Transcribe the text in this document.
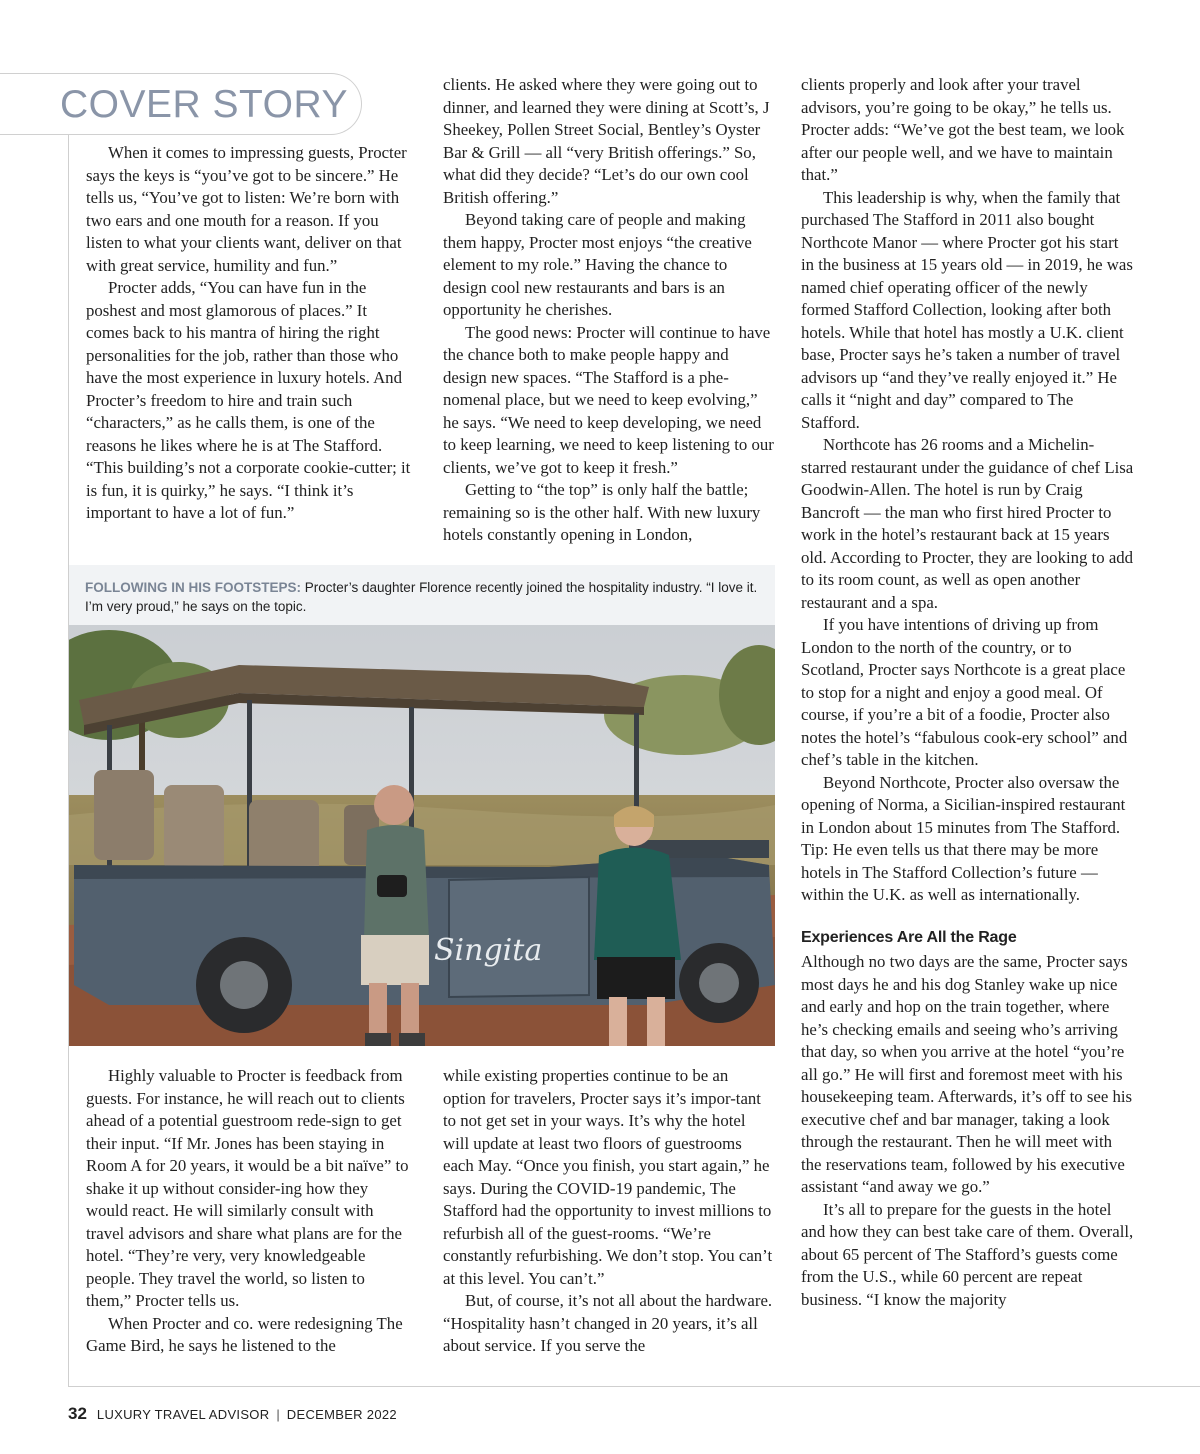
COVER STORY

When it comes to impressing guests, Procter says the keys is “you’ve got to be sincere.” He tells us, “You’ve got to listen: We’re born with two ears and one mouth for a reason. If you listen to what your clients want, deliver on that with great service, humility and fun.”

Procter adds, “You can have fun in the poshest and most glamorous of places.” It comes back to his mantra of hiring the right personalities for the job, rather than those who have the most experience in luxury hotels. And Procter’s freedom to hire and train such “characters,” as he calls them, is one of the reasons he likes where he is at The Stafford. “This building’s not a corporate cookie-cutter; it is fun, it is quirky,” he says. “I think it’s important to have a lot of fun.”

clients. He asked where they were going out to dinner, and learned they were dining at Scott’s, J Sheekey, Pollen Street Social, Bentley’s Oyster Bar & Grill — all “very British offerings.” So, what did they decide? “Let’s do our own cool British offering.”

Beyond taking care of people and making them happy, Procter most enjoys “the creative element to my role.” Having the chance to design cool new restaurants and bars is an opportunity he cherishes.

The good news: Procter will continue to have the chance both to make people happy and design new spaces. “The Stafford is a phe-nomenal place, but we need to keep evolving,” he says. “We need to keep developing, we need to keep learning, we need to keep listening to our clients, we’ve got to keep it fresh.”

Getting to “the top” is only half the battle; remaining so is the other half. With new luxury hotels constantly opening in London,

FOLLOWING IN HIS FOOTSTEPS: Procter’s daughter Florence recently joined the hospitality industry. “I love it. I’m very proud,” he says on the topic.
Singita

Highly valuable to Procter is feedback from guests. For instance, he will reach out to clients ahead of a potential guestroom rede-sign to get their input. “If Mr. Jones has been staying in Room A for 20 years, it would be a bit naïve” to shake it up without consider-ing how they would react. He will similarly consult with travel advisors and share what plans are for the hotel. “They’re very, very knowledgeable people. They travel the world, so listen to them,” Procter tells us.

When Procter and co. were redesigning The Game Bird, he says he listened to the

while existing properties continue to be an option for travelers, Procter says it’s impor-tant to not get set in your ways. It’s why the hotel will update at least two floors of guestrooms each May. “Once you finish, you start again,” he says. During the COVID-19 pandemic, The Stafford had the opportunity to invest millions to refurbish all of the guest-rooms. “We’re constantly refurbishing. We don’t stop. You can’t at this level. You can’t.”

But, of course, it’s not all about the hardware. “Hospitality hasn’t changed in 20 years, it’s all about service. If you serve the

clients properly and look after your travel advisors, you’re going to be okay,” he tells us. Procter adds: “We’ve got the best team, we look after our people well, and we have to maintain that.”

This leadership is why, when the family that purchased The Stafford in 2011 also bought Northcote Manor — where Procter got his start in the business at 15 years old — in 2019, he was named chief operating officer of the newly formed Stafford Collection, looking after both hotels. While that hotel has mostly a U.K. client base, Procter says he’s taken a number of travel advisors up “and they’ve really enjoyed it.” He calls it “night and day” compared to The Stafford.

Northcote has 26 rooms and a Michelin-starred restaurant under the guidance of chef Lisa Goodwin-Allen. The hotel is run by Craig Bancroft — the man who first hired Procter to work in the hotel’s restaurant back at 15 years old. According to Procter, they are looking to add to its room count, as well as open another restaurant and a spa.

If you have intentions of driving up from London to the north of the country, or to Scotland, Procter says Northcote is a great place to stop for a night and enjoy a good meal. Of course, if you’re a bit of a foodie, Procter also notes the hotel’s “fabulous cook-ery school” and chef’s table in the kitchen.

Beyond Northcote, Procter also oversaw the opening of Norma, a Sicilian-inspired restaurant in London about 15 minutes from The Stafford. Tip: He even tells us that there may be more hotels in The Stafford Collection’s future — within the U.K. as well as internationally.

Experiences Are All the Rage

Although no two days are the same, Procter says most days he and his dog Stanley wake up nice and early and hop on the train together, where he’s checking emails and seeing who’s arriving that day, so when you arrive at the hotel “you’re all go.” He will first and foremost meet with his housekeeping team. Afterwards, it’s off to see his executive chef and bar manager, taking a look through the restaurant. Then he will meet with the reservations team, followed by his executive assistant “and away we go.”

It’s all to prepare for the guests in the hotel and how they can best take care of them. Overall, about 65 percent of The Stafford’s guests come from the U.S., while 60 percent are repeat business. “I know the majority

32 LUXURY TRAVEL ADVISOR | DECEMBER 2022
